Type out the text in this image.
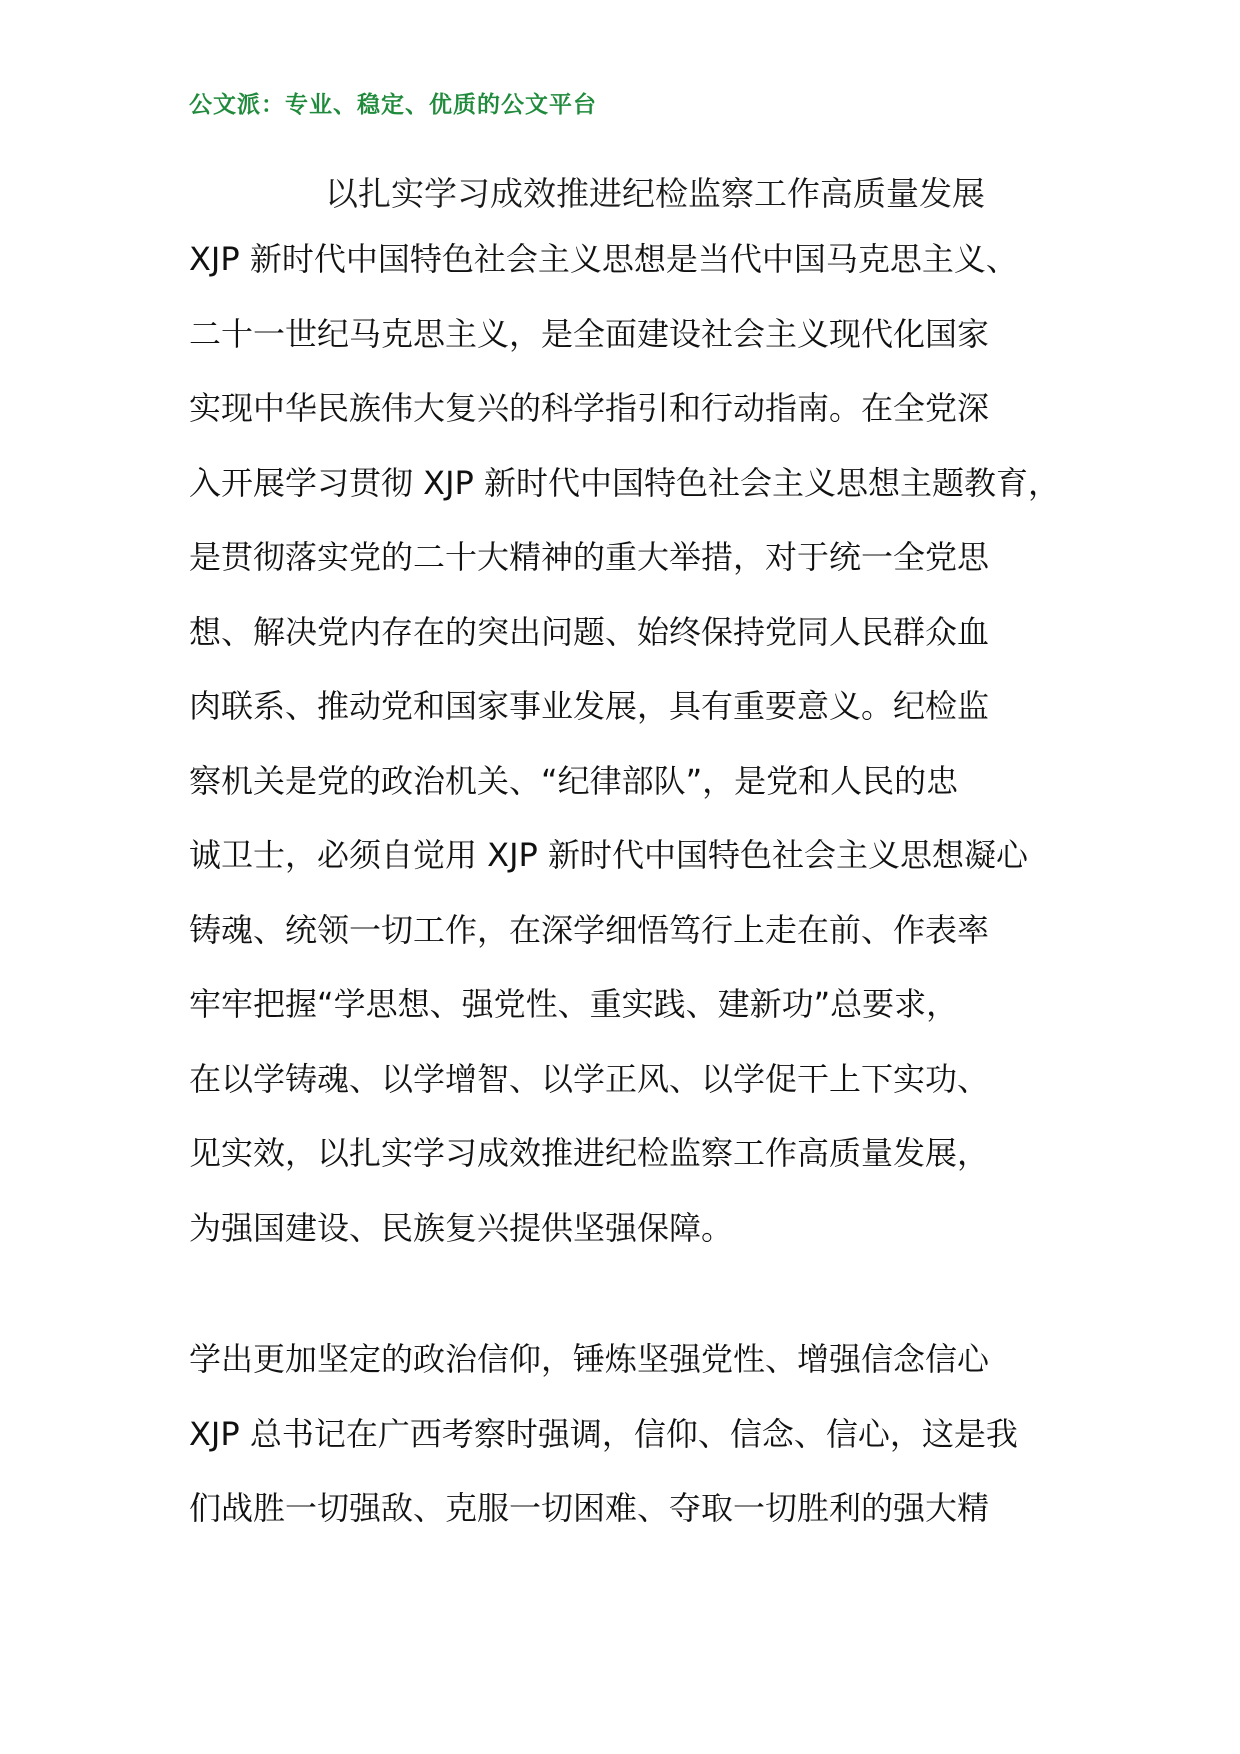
公文派：专业、稳定、优质的公文平台
以扎实学习成效推进纪检监察工作高质量发展
XJP 新时代中国特色社会主义思想是当代中国马克思主义、
二十一世纪马克思主义，是全面建设社会主义现代化国家
实现中华民族伟大复兴的科学指引和行动指南。在全党深
入开展学习贯彻 XJP 新时代中国特色社会主义思想主题教育，
是贯彻落实党的二十大精神的重大举措，对于统一全党思
想、解决党内存在的突出问题、始终保持党同人民群众血
肉联系、推动党和国家事业发展，具有重要意义。纪检监
察机关是党的政治机关、“纪律部队”，是党和人民的忠
诚卫士，必须自觉用 XJP 新时代中国特色社会主义思想凝心
铸魂、统领一切工作，在深学细悟笃行上走在前、作表率
牢牢把握“学思想、强党性、重实践、建新功”总要求，
在以学铸魂、以学增智、以学正风、以学促干上下实功、
见实效，以扎实学习成效推进纪检监察工作高质量发展，
为强国建设、民族复兴提供坚强保障。
学出更加坚定的政治信仰，锤炼坚强党性、增强信念信心
XJP 总书记在广西考察时强调，信仰、信念、信心，这是我
们战胜一切强敌、克服一切困难、夺取一切胜利的强大精
